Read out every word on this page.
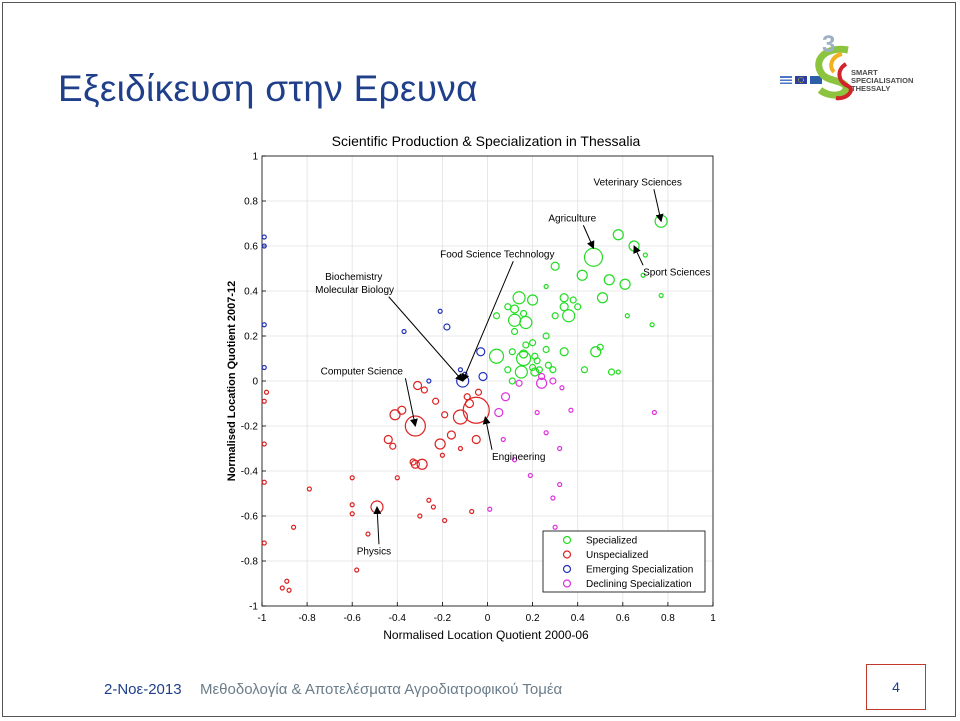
Εξειδίκευση στην Ερευνα
3
SMART
SPECIALISATION
THESSALY
Scientific Production & Specialization in Thessalia
-1	-0.8	-0.6	-0.4	-0.2	0	0.2	0.4	0.6	0.8	1
-1
-0.8
-0.6
-0.4
-0.2
0
0.2
0.4
0.6
0.8
1
Veterinary Sciences
Agriculture
Food Science Technology
Biochemistry
Molecular Biology
Sport Sciences
Computer Science
Engineering
Physics
Normalised Location Quotient 2000-06
Normalised Location Quotient 2007-12
Specialized
Unspecialized
Emerging Specialization
Declining Specialization
2-Νοε-2013 Μεθοδολογία & Αποτελέσματα Αγροδιατροφικού Τομέα	4
